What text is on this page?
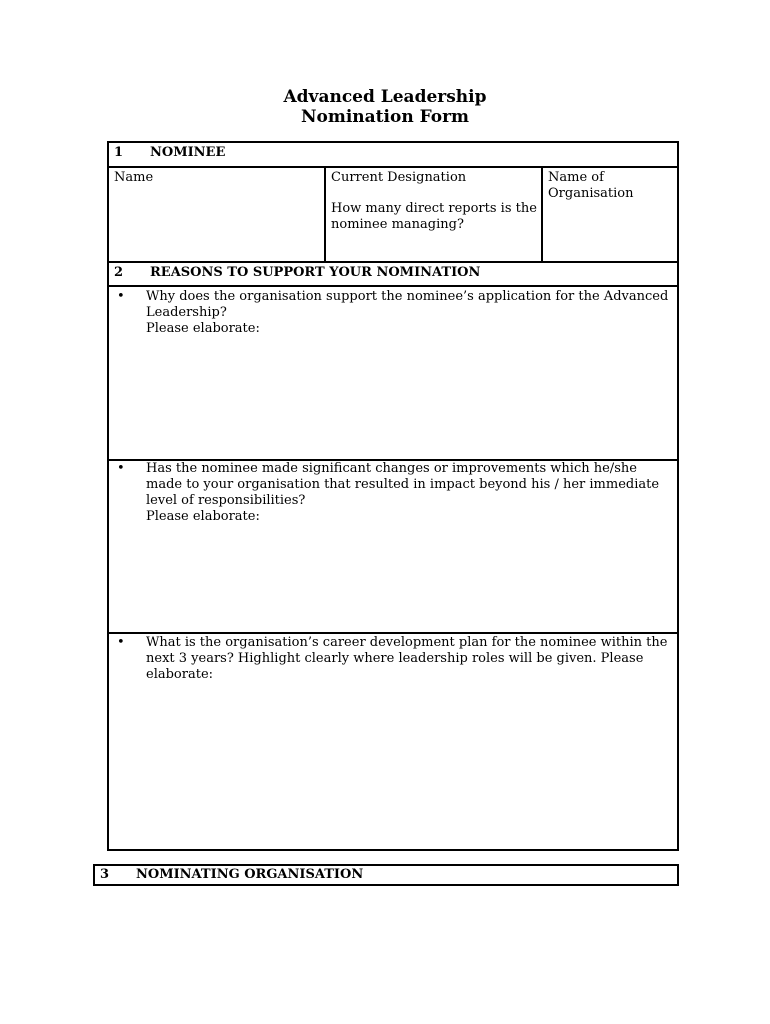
Advanced Leadership
Nomination Form
1 NOMINEE

Name	Current Designation

How many direct reports is the nominee managing?

Name of Organisation

2 REASONS TO SUPPORT YOUR NOMINATION
• Why does the organisation support the nominee’s application for the Advanced Leadership?

Please elaborate:

• Has the nominee made significant changes or improvements which he/she made to your organisation that resulted in impact beyond his / her immediate level of responsibilities?

Please elaborate:

• What is the organisation’s career development plan for the nominee within the next 3 years? Highlight clearly where leadership roles will be given. Please elaborate:

3 NOMINATING ORGANISATION
